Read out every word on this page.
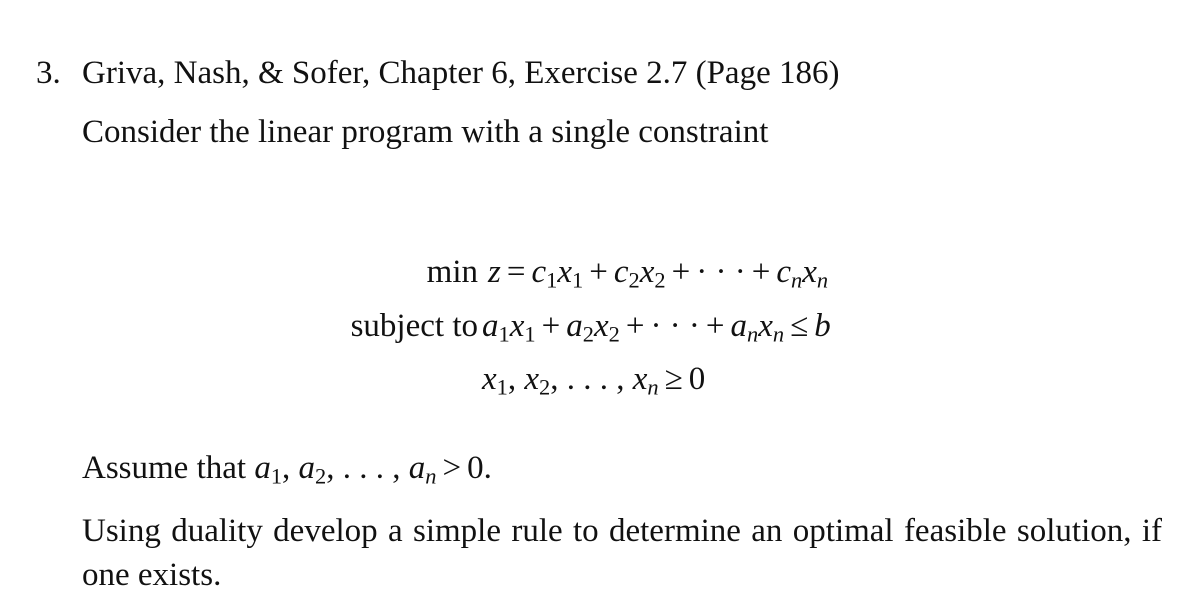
3. Griva, Nash, & Sofer, Chapter 6, Exercise 2.7 (Page 186)
Consider the linear program with a single constraint
min
subject to
$z = c_1x_1 + c_2x_2$ + · · · + $c_nx_n$
$a_1x_1 + a_2x_2$ + · · · + $a_nx_n \le b$
$x_1$, $x_2$, . . . , $x_n \ge 0$
Assume that $a_1$, $a_2$, . . . , $a_n > 0$.
Using duality develop a simple rule to determine an optimal feasible solution, if one exists.
